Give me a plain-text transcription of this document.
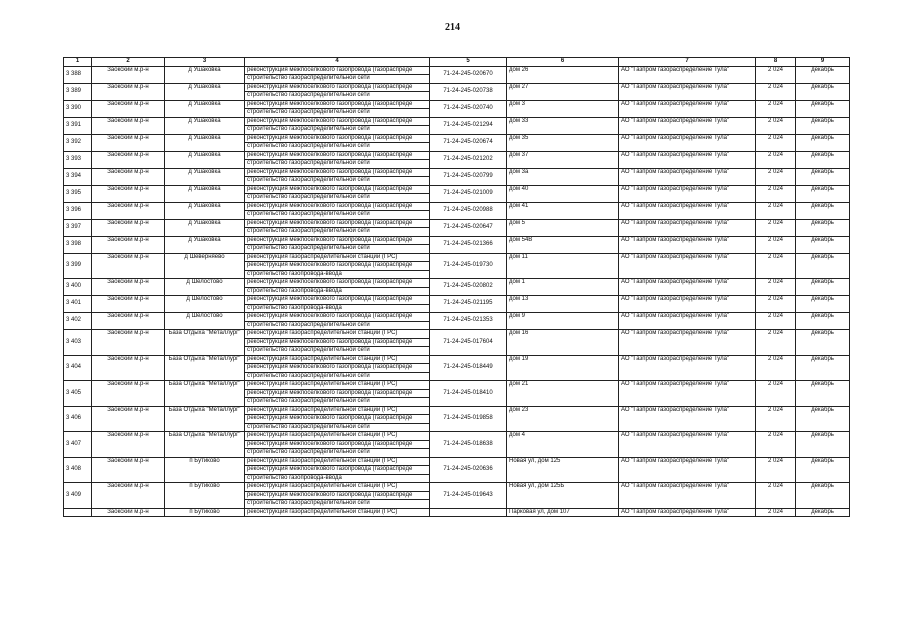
214
1	2	3	4	5	6	7	8	9
3 388	Заокский м.р-н	д Ушаковка	реконструкция межпоселкового газопровода (газораспреде
строительство газораспределительной сети	71-24-245-020670	дом 26	АО "Газпром газораспределение Тула"	2 024	декабрь
3 389	Заокский м.р-н	д Ушаковка	реконструкция межпоселкового газопровода (газораспреде
строительство газораспределительной сети	71-24-245-020738	дом 27	АО "Газпром газораспределение Тула"	2 024	декабрь
3 390	Заокский м.р-н	д Ушаковка	реконструкция межпоселкового газопровода (газораспреде
строительство газораспределительной сети	71-24-245-020740	дом 3	АО "Газпром газораспределение Тула"	2 024	декабрь
3 391	Заокский м.р-н	д Ушаковка	реконструкция межпоселкового газопровода (газораспреде
строительство газораспределительной сети	71-24-245-021294	дом 33	АО "Газпром газораспределение Тула"	2 024	декабрь
3 392	Заокский м.р-н	д Ушаковка	реконструкция межпоселкового газопровода (газораспреде
строительство газораспределительной сети	71-24-245-020674	дом 35	АО "Газпром газораспределение Тула"	2 024	декабрь
3 393	Заокский м.р-н	д Ушаковка	реконструкция межпоселкового газопровода (газораспреде
строительство газораспределительной сети	71-24-245-021202	дом 37	АО "Газпром газораспределение Тула"	2 024	декабрь
3 394	Заокский м.р-н	д Ушаковка	реконструкция межпоселкового газопровода (газораспреде
строительство газораспределительной сети	71-24-245-020799	дом 3а	АО "Газпром газораспределение Тула"	2 024	декабрь
3 395	Заокский м.р-н	д Ушаковка	реконструкция межпоселкового газопровода (газораспреде
строительство газораспределительной сети	71-24-245-021009	дом 40	АО "Газпром газораспределение Тула"	2 024	декабрь
3 396	Заокский м.р-н	д Ушаковка	реконструкция межпоселкового газопровода (газораспреде
строительство газораспределительной сети	71-24-245-020988	дом 41	АО "Газпром газораспределение Тула"	2 024	декабрь
3 397	Заокский м.р-н	д Ушаковка	реконструкция межпоселкового газопровода (газораспреде
строительство газораспределительной сети	71-24-245-020647	дом 5	АО "Газпром газораспределение Тула"	2 024	декабрь
3 398	Заокский м.р-н	д Ушаковка	реконструкция межпоселкового газопровода (газораспреде
строительство газораспределительной сети	71-24-245-021366	дом 54В	АО "Газпром газораспределение Тула"	2 024	декабрь
3 399	Заокский м.р-н	д Шеверняево	реконструкция газораспределительной станции (ГРС)
реконструкция межпоселкового газопровода (газораспреде
строительство газопровода-ввода	71-24-245-019730	дом 11	АО "Газпром газораспределение Тула"	2 024	декабрь
3 400	Заокский м.р-н	д Шелостово	реконструкция межпоселкового газопровода (газораспреде
строительство газопровода-ввода	71-24-245-020802	дом 1	АО "Газпром газораспределение Тула"	2 024	декабрь
3 401	Заокский м.р-н	д Шелостово	реконструкция межпоселкового газопровода (газораспреде
строительство газопровода-ввода	71-24-245-021195	дом 13	АО "Газпром газораспределение Тула"	2 024	декабрь
3 402	Заокский м.р-н	д Шелостово	реконструкция межпоселкового газопровода (газораспреде
строительство газораспределительной сети	71-24-245-021353	дом 9	АО "Газпром газораспределение Тула"	2 024	декабрь
3 403	Заокский м.р-н	База Отдыха "Металлург"	реконструкция газораспределительной станции (ГРС)
реконструкция межпоселкового газопровода (газораспреде
строительство газораспределительной сети	71-24-245-017604	дом 16	АО "Газпром газораспределение Тула"	2 024	декабрь
3 404	Заокский м.р-н	База Отдыха "Металлург"	реконструкция газораспределительной станции (ГРС)
реконструкция межпоселкового газопровода (газораспреде
строительство газораспределительной сети	71-24-245-018449	дом 19	АО "Газпром газораспределение Тула"	2 024	декабрь
3 405	Заокский м.р-н	База Отдыха "Металлург"	реконструкция газораспределительной станции (ГРС)
реконструкция межпоселкового газопровода (газораспреде
строительство газораспределительной сети	71-24-245-018410	дом 21	АО "Газпром газораспределение Тула"	2 024	декабрь
3 406	Заокский м.р-н	База Отдыха "Металлург"	реконструкция газораспределительной станции (ГРС)
реконструкция межпоселкового газопровода (газораспреде
строительство газораспределительной сети	71-24-245-019858	дом 23	АО "Газпром газораспределение Тула"	2 024	декабрь
3 407	Заокский м.р-н	База Отдыха "Металлург"	реконструкция газораспределительной станции (ГРС)
реконструкция межпоселкового газопровода (газораспреде
строительство газораспределительной сети	71-24-245-018638	дом 4	АО "Газпром газораспределение Тула"	2 024	декабрь
3 408	Заокский м.р-н	п Бутиково	реконструкция газораспределительной станции (ГРС)
реконструкция межпоселкового газопровода (газораспреде
строительство газопровода-ввода	71-24-245-020636	Новая ул, дом 125	АО "Газпром газораспределение Тула"	2 024	декабрь
3 409	Заокский м.р-н	п Бутиково	реконструкция газораспределительной станции (ГРС)
реконструкция межпоселкового газопровода (газораспреде
строительство газораспределительной сети	71-24-245-019643	Новая ул, дом 125Б	АО "Газпром газораспределение Тула"	2 024	декабрь
	Заокский м.р-н	п Бутиково	реконструкция газораспределительной станции (ГРС)		Парковая ул, дом 107	АО "Газпром газораспределение Тула"	2 024	декабрь
